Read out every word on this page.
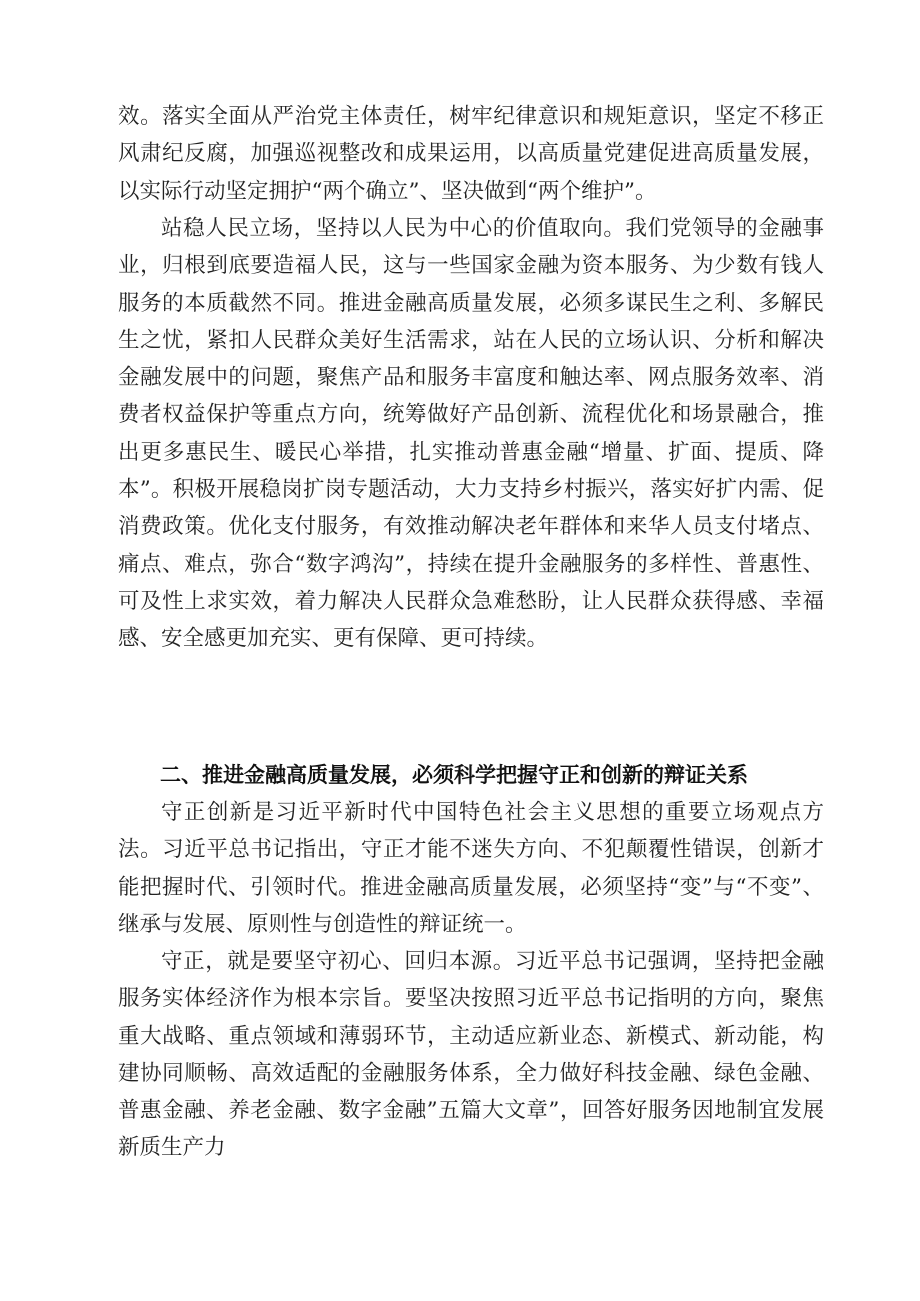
效。落实全面从严治党主体责任，树牢纪律意识和规矩意识，坚定不移正风肃纪反腐，加强巡视整改和成果运用，以高质量党建促进高质量发展，以实际行动坚定拥护“两个确立”、坚决做到“两个维护”。

站稳人民立场，坚持以人民为中心的价值取向。我们党领导的金融事业，归根到底要造福人民，这与一些国家金融为资本服务、为少数有钱人服务的本质截然不同。推进金融高质量发展，必须多谋民生之利、多解民生之忧，紧扣人民群众美好生活需求，站在人民的立场认识、分析和解决金融发展中的问题，聚焦产品和服务丰富度和触达率、网点服务效率、消费者权益保护等重点方向，统筹做好产品创新、流程优化和场景融合，推出更多惠民生、暖民心举措，扎实推动普惠金融“增量、扩面、提质、降本”。积极开展稳岗扩岗专题活动，大力支持乡村振兴，落实好扩内需、促消费政策。优化支付服务，有效推动解决老年群体和来华人员支付堵点、痛点、难点，弥合“数字鸿沟”，持续在提升金融服务的多样性、普惠性、可及性上求实效，着力解决人民群众急难愁盼，让人民群众获得感、幸福感、安全感更加充实、更有保障、更可持续。

二、推进金融高质量发展，必须科学把握守正和创新的辩证关系

守正创新是习近平新时代中国特色社会主义思想的重要立场观点方法。习近平总书记指出，守正才能不迷失方向、不犯颠覆性错误，创新才能把握时代、引领时代。推进金融高质量发展，必须坚持“变”与“不变”、继承与发展、原则性与创造性的辩证统一。

守正，就是要坚守初心、回归本源。习近平总书记强调，坚持把金融服务实体经济作为根本宗旨。要坚决按照习近平总书记指明的方向，聚焦重大战略、重点领域和薄弱环节，主动适应新业态、新模式、新动能，构建协同顺畅、高效适配的金融服务体系，全力做好科技金融、绿色金融、普惠金融、养老金融、数字金融”五篇大文章”，回答好服务因地制宜发展新质生产力
